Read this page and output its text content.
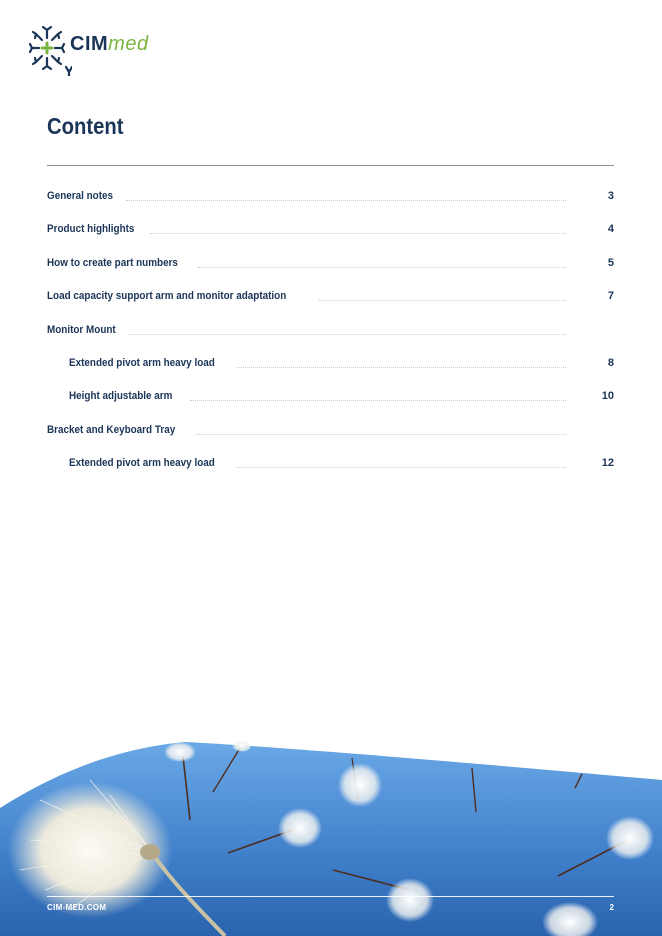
CIMmed
Content
General notes	3
Product highlights	4
How to create part numbers	5
Load capacity support arm and monitor adaptation	7
Monitor Mount
Extended pivot arm heavy load	8
Height adjustable arm	10
Bracket and Keyboard Tray
Extended pivot arm heavy load	12
CIM-MED.COM	2
